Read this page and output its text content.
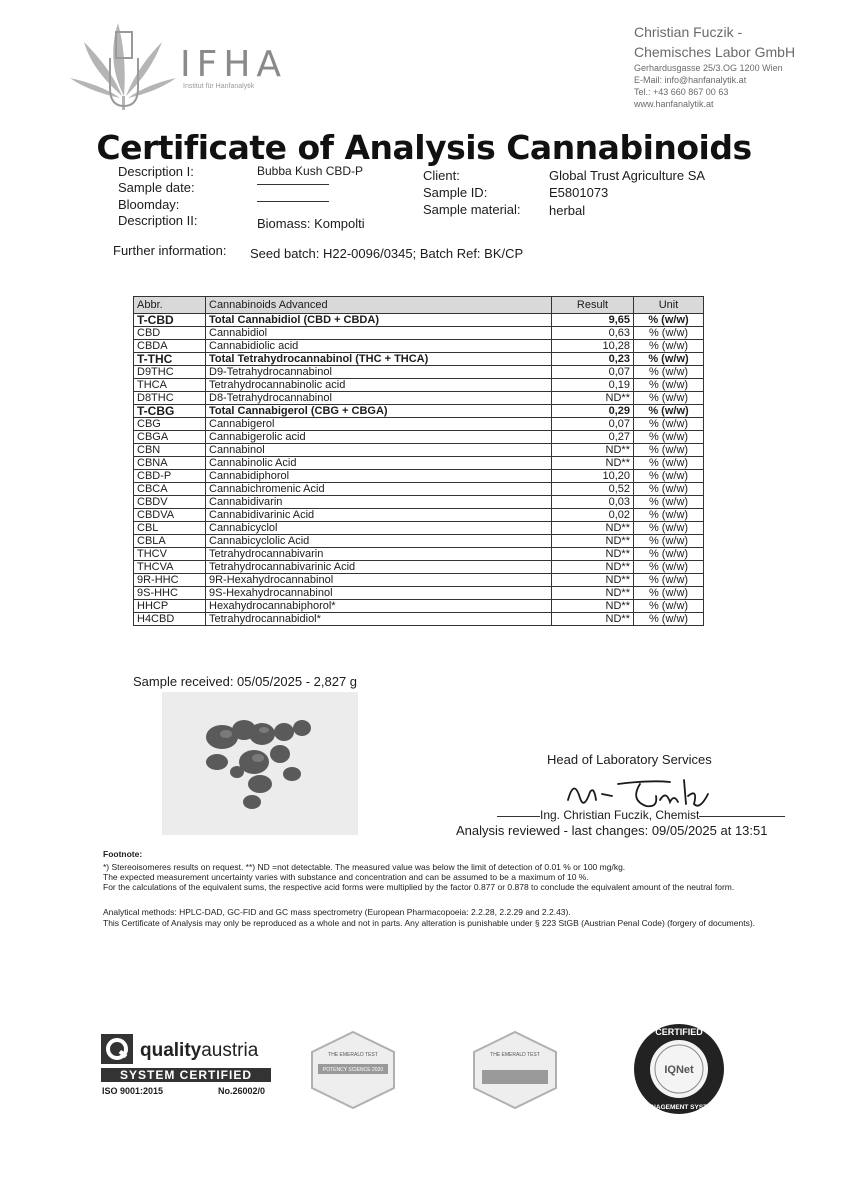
IFHA
Institut für Hanfanalytik
Christian Fuczik -
Chemisches Labor GmbH
Gerhardusgasse 25/3.OG 1200 Wien
E-Mail: info@hanfanalytik.at
Tel.: +43 660 867 00 63
www.hanfanalytik.at
Certificate of Analysis Cannabinoids
Description I:	Bubba Kush CBD-P
Sample date:
Bloomday:
Description II:	Biomass: Kompolti
Client:	Global Trust Agriculture SA
Sample ID:	E5801073
Sample material: herbal
Further information: Seed batch: H22-0096/0345; Batch Ref: BK/CP
Abbr.	Cannabinoids Advanced	Result	Unit
T-CBD	Total Cannabidiol (CBD + CBDA)	9,65	% (w/w)
CBD	Cannabidiol	0,63	% (w/w)
CBDA	Cannabidiolic acid	10,28	% (w/w)
T-THC	Total Tetrahydrocannabinol (THC + THCA)	0,23	% (w/w)
D9THC	D9-Tetrahydrocannabinol	0,07	% (w/w)
THCA	Tetrahydrocannabinolic acid	0,19	% (w/w)
D8THC	D8-Tetrahydrocannabinol	ND**	% (w/w)
T-CBG	Total Cannabigerol (CBG + CBGA)	0,29	% (w/w)
CBG	Cannabigerol	0,07	% (w/w)
CBGA	Cannabigerolic acid	0,27	% (w/w)
CBN	Cannabinol	ND**	% (w/w)
CBNA	Cannabinolic Acid	ND**	% (w/w)
CBD-P	Cannabidiphorol	10,20	% (w/w)
CBCA	Cannabichromenic Acid	0,52	% (w/w)
CBDV	Cannabidivarin	0,03	% (w/w)
CBDVA	Cannabidivarinic Acid	0,02	% (w/w)
CBL	Cannabicyclol	ND**	% (w/w)
CBLA	Cannabicyclolic Acid	ND**	% (w/w)
THCV	Tetrahydrocannabivarin	ND**	% (w/w)
THCVA	Tetrahydrocannabivarinic Acid	ND**	% (w/w)
9R-HHC	9R-Hexahydrocannabinol	ND**	% (w/w)
9S-HHC	9S-Hexahydrocannabinol	ND**	% (w/w)
HHCP	Hexahydrocannabiphorol*	ND**	% (w/w)
H4CBD	Tetrahydrocannabidiol*	ND**	% (w/w)
Sample received: 05/05/2025 - 2,827 g
Head of Laboratory Services
Ing. Christian Fuczik, Chemist
Analysis reviewed - last changes: 09/05/2025 at 13:51
Footnote:
*) Stereoisomeres results on request. **) ND =not detectable. The measured value was below the limit of detection of 0.01 % or 100 mg/kg.
The expected measurement uncertainty varies with substance and concentration and can be assumed to be a maximum of 10 %.
For the calculations of the equivalent sums, the respective acid forms were multiplied by the factor 0.877 or 0.878 to conclude the equivalent amount of the neutral form.
Analytical methods: HPLC-DAD, GC-FID and GC mass spectrometry (European Pharmacopoeia: 2.2.28, 2.2.29 and 2.2.43).
This Certificate of Analysis may only be reproduced as a whole and not in parts. Any alteration is punishable under § 223 StGB (Austrian Penal Code) (forgery of documents).
qualityaustria
SYSTEM CERTIFIED
ISO 9001:2015	No.26002/0
THE EMERALD TEST
POTENCY SCIENCE 2020
THE EMERALD TEST
CERTIFIED
IQNet
MANAGEMENT SYSTEM
